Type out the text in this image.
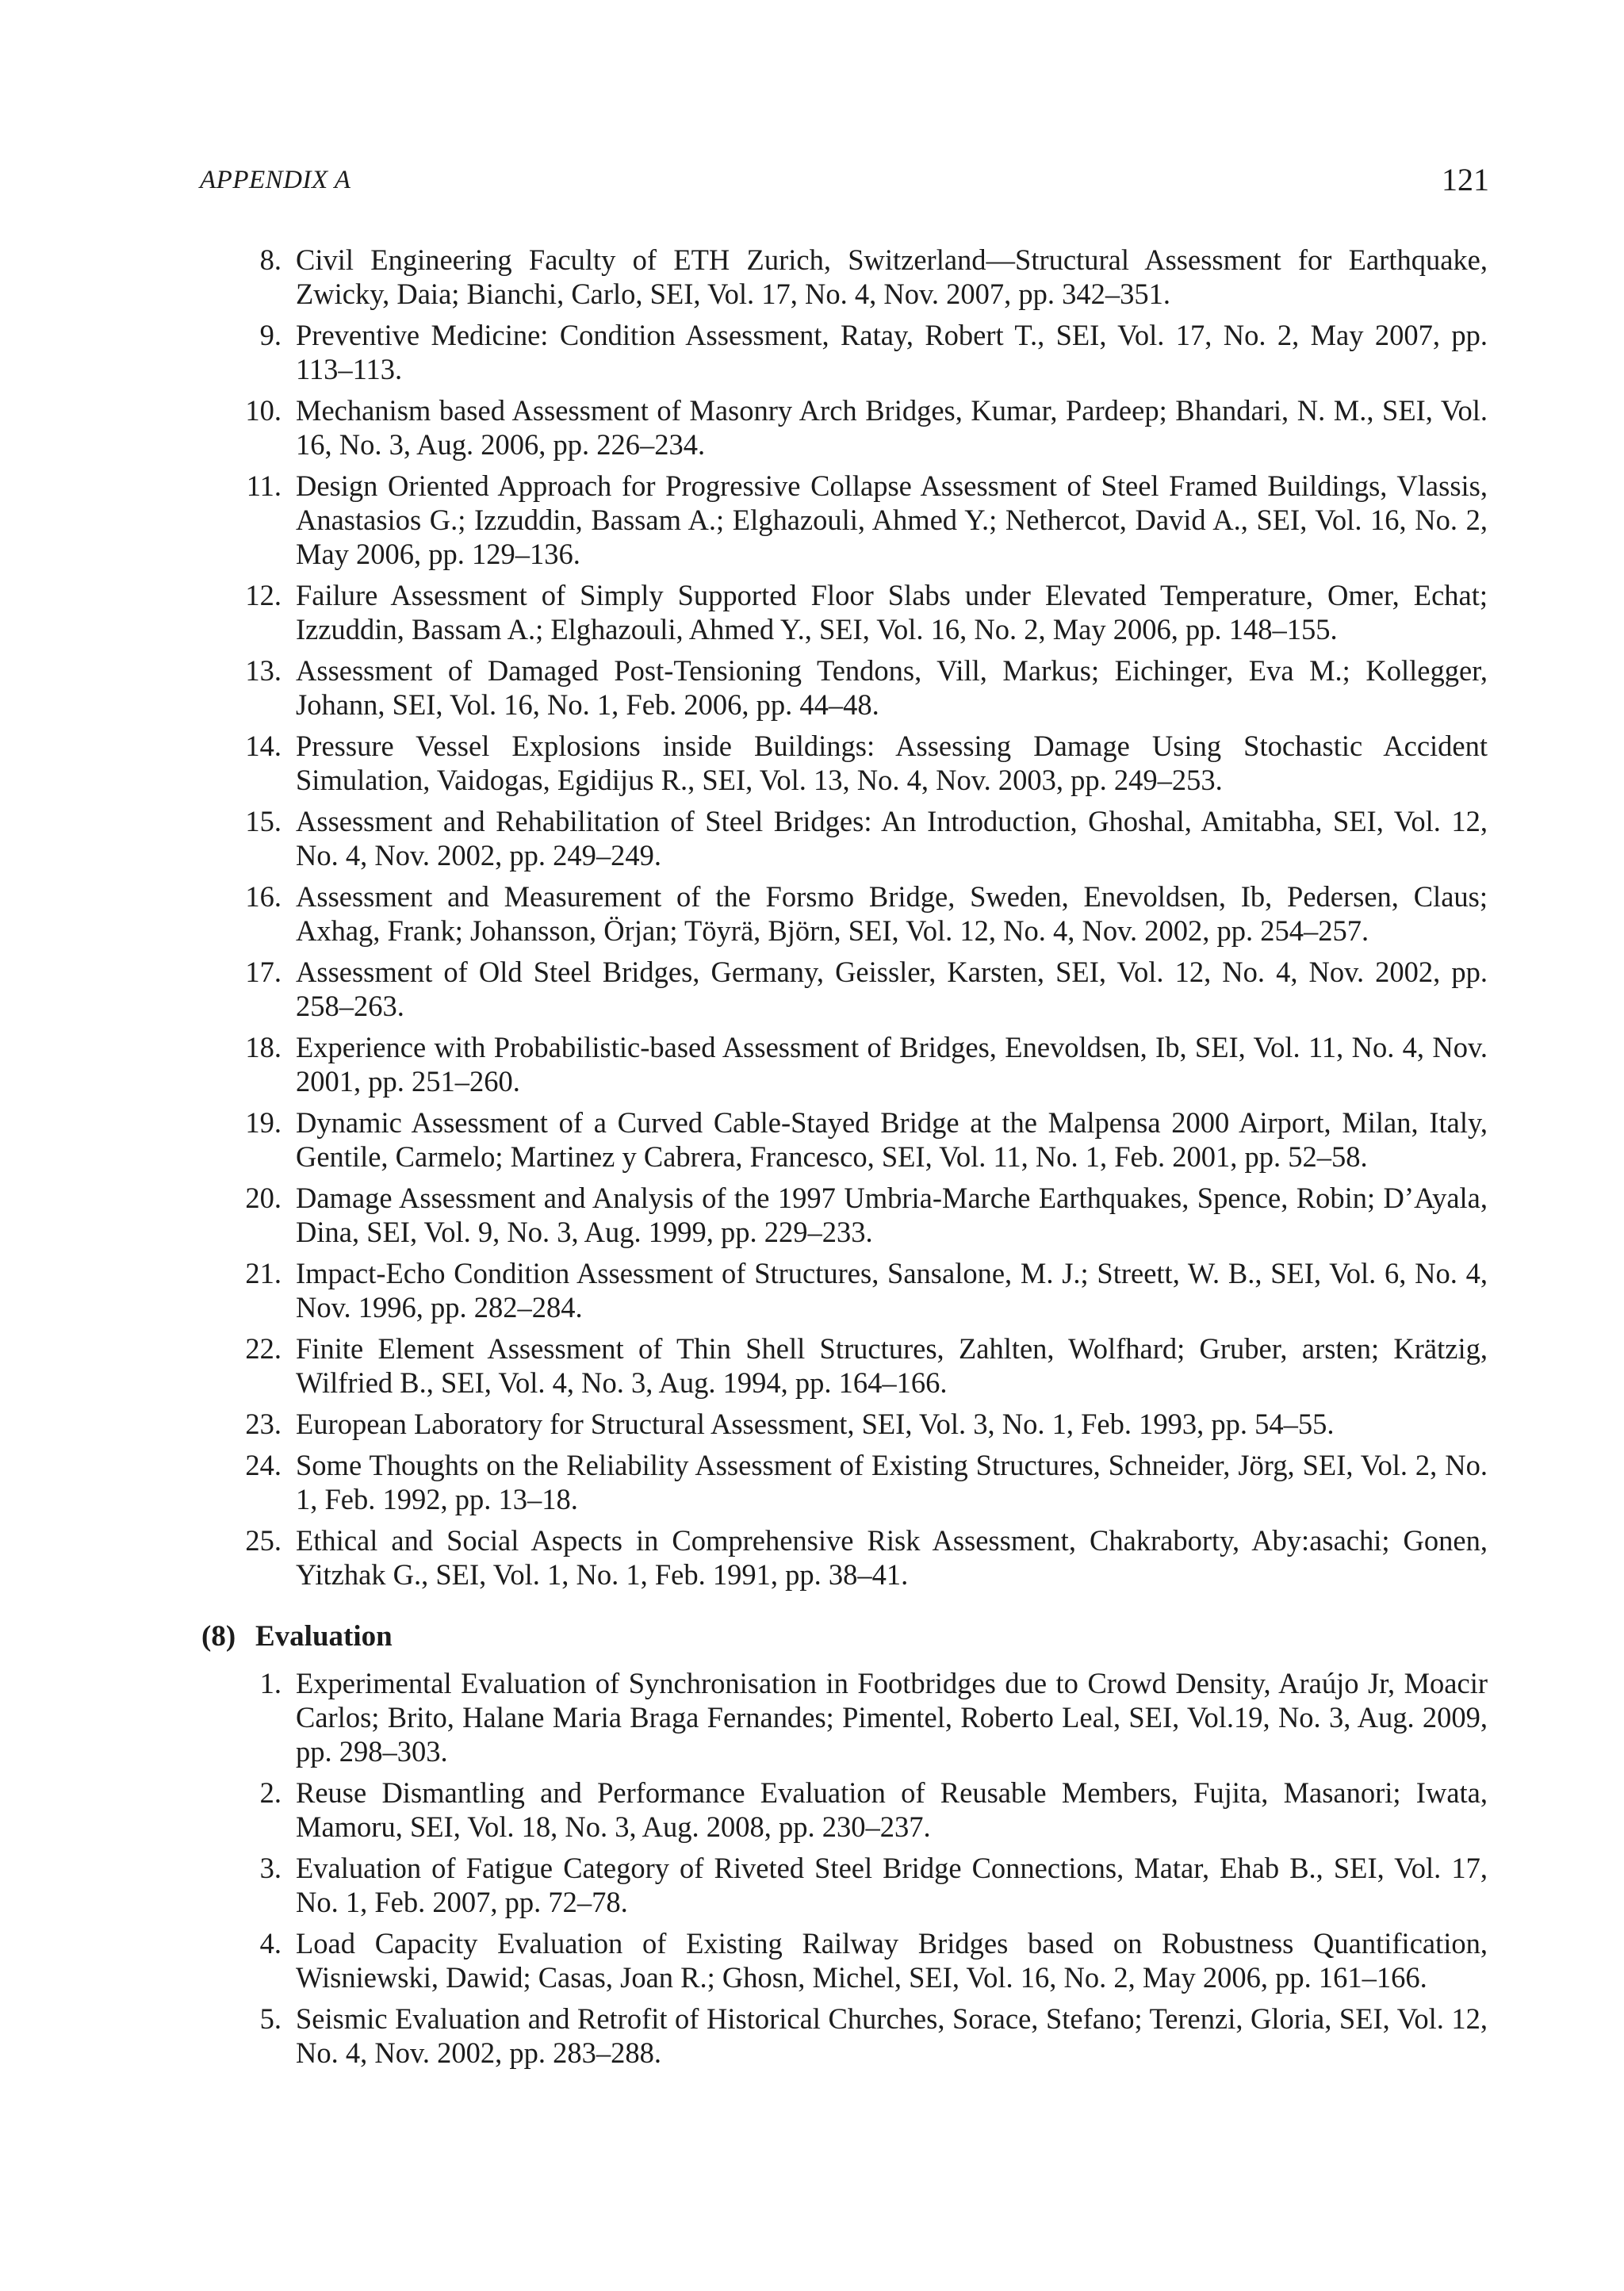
APPENDIX A	121
8. Civil Engineering Faculty of ETH Zurich, Switzerland—Structural Assessment for Earthquake, Zwicky, Daia; Bianchi, Carlo, SEI, Vol. 17, No. 4, Nov. 2007, pp. 342–351.
9. Preventive Medicine: Condition Assessment, Ratay, Robert T., SEI, Vol. 17, No. 2, May 2007, pp. 113–113.
10. Mechanism based Assessment of Masonry Arch Bridges, Kumar, Pardeep; Bhandari, N. M., SEI, Vol. 16, No. 3, Aug. 2006, pp. 226–234.
11. Design Oriented Approach for Progressive Collapse Assessment of Steel Framed Buildings, Vlassis, Anastasios G.; Izzuddin, Bassam A.; Elghazouli, Ahmed Y.; Nethercot, David A., SEI, Vol. 16, No. 2, May 2006, pp. 129–136.
12. Failure Assessment of Simply Supported Floor Slabs under Elevated Temperature, Omer, Echat; Izzuddin, Bassam A.; Elghazouli, Ahmed Y., SEI, Vol. 16, No. 2, May 2006, pp. 148–155.
13. Assessment of Damaged Post-Tensioning Tendons, Vill, Markus; Eichinger, Eva M.; Kollegger, Johann, SEI, Vol. 16, No. 1, Feb. 2006, pp. 44–48.
14. Pressure Vessel Explosions inside Buildings: Assessing Damage Using Stochastic Accident Simulation, Vaidogas, Egidijus R., SEI, Vol. 13, No. 4, Nov. 2003, pp. 249–253.
15. Assessment and Rehabilitation of Steel Bridges: An Introduction, Ghoshal, Amitabha, SEI, Vol. 12, No. 4, Nov. 2002, pp. 249–249.
16. Assessment and Measurement of the Forsmo Bridge, Sweden, Enevoldsen, Ib, Pedersen, Claus; Axhag, Frank; Johansson, Örjan; Töyrä, Björn, SEI, Vol. 12, No. 4, Nov. 2002, pp. 254–257.
17. Assessment of Old Steel Bridges, Germany, Geissler, Karsten, SEI, Vol. 12, No. 4, Nov. 2002, pp. 258–263.
18. Experience with Probabilistic-based Assessment of Bridges, Enevoldsen, Ib, SEI, Vol. 11, No. 4, Nov. 2001, pp. 251–260.
19. Dynamic Assessment of a Curved Cable-Stayed Bridge at the Malpensa 2000 Airport, Milan, Italy, Gentile, Carmelo; Martinez y Cabrera, Francesco, SEI, Vol. 11, No. 1, Feb. 2001, pp. 52–58.
20. Damage Assessment and Analysis of the 1997 Umbria-Marche Earthquakes, Spence, Robin; D’Ayala, Dina, SEI, Vol. 9, No. 3, Aug. 1999, pp. 229–233.
21. Impact-Echo Condition Assessment of Structures, Sansalone, M. J.; Streett, W. B., SEI, Vol. 6, No. 4, Nov. 1996, pp. 282–284.
22. Finite Element Assessment of Thin Shell Structures, Zahlten, Wolfhard; Gruber, arsten; Krätzig, Wilfried B., SEI, Vol. 4, No. 3, Aug. 1994, pp. 164–166.
23. European Laboratory for Structural Assessment, SEI, Vol. 3, No. 1, Feb. 1993, pp. 54–55.
24. Some Thoughts on the Reliability Assessment of Existing Structures, Schneider, Jörg, SEI, Vol. 2, No. 1, Feb. 1992, pp. 13–18.
25. Ethical and Social Aspects in Comprehensive Risk Assessment, Chakraborty, Aby:asachi; Gonen, Yitzhak G., SEI, Vol. 1, No. 1, Feb. 1991, pp. 38–41.
(8) Evaluation
1. Experimental Evaluation of Synchronisation in Footbridges due to Crowd Density, Araújo Jr, Moacir Carlos; Brito, Halane Maria Braga Fernandes; Pimentel, Roberto Leal, SEI, Vol.19, No. 3, Aug. 2009, pp. 298–303.
2. Reuse Dismantling and Performance Evaluation of Reusable Members, Fujita, Masanori; Iwata, Mamoru, SEI, Vol. 18, No. 3, Aug. 2008, pp. 230–237.
3. Evaluation of Fatigue Category of Riveted Steel Bridge Connections, Matar, Ehab B., SEI, Vol. 17, No. 1, Feb. 2007, pp. 72–78.
4. Load Capacity Evaluation of Existing Railway Bridges based on Robustness Quantification, Wisniewski, Dawid; Casas, Joan R.; Ghosn, Michel, SEI, Vol. 16, No. 2, May 2006, pp. 161–166.
5. Seismic Evaluation and Retrofit of Historical Churches, Sorace, Stefano; Terenzi, Gloria, SEI, Vol. 12, No. 4, Nov. 2002, pp. 283–288.
